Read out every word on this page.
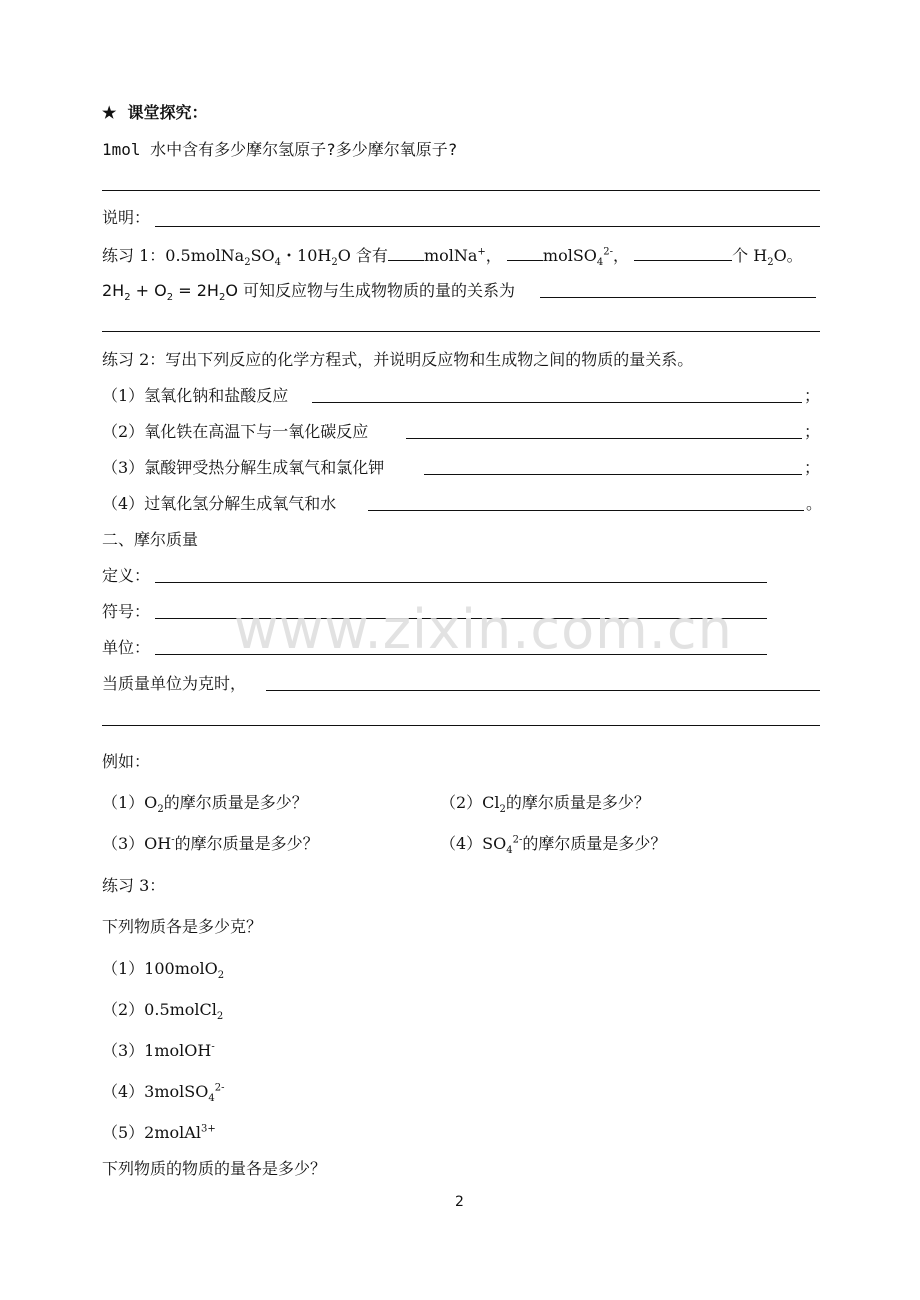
★ 课堂探究：
1mol 水中含有多少摩尔氢原子?多少摩尔氧原子?
说明：
练习 1：$0.5molNa_2SO_4$・$10H_2O$ 含有 molNa+，	molSO$_4^{2-}$，	个 $H_2O$。
$2H_2 + O_2 = 2H_2O$ 可知反应物与生成物物质的量的关系为
练习 2：写出下列反应的化学方程式，并说明反应物和生成物之间的物质的量关系。
（1）氢氧化钠和盐酸反应	；
（2）氧化铁在高温下与一氧化碳反应	；
（3）氯酸钾受热分解生成氧气和氯化钾	；
（4）过氧化氢分解生成氧气和水	。
二、摩尔质量
定义：
符号：
单位：
当质量单位为克时，
例如：
$(1)O_2$的摩尔质量是多少？	$(2)Cl_2$的摩尔质量是多少？
（3）OH-的摩尔质量是多少？	$(4)SO_4^{2-}$的摩尔质量是多少？
练习 3：
下列物质各是多少克？
（1）100molO$_2$
（2）0.5molCl$_2$
（3）1molOH-
（4）3molSO$_4^{2-}$
（5）2molAl$^{3+}$
下列物质的物质的量各是多少？
www.zixin.com.cn
2
